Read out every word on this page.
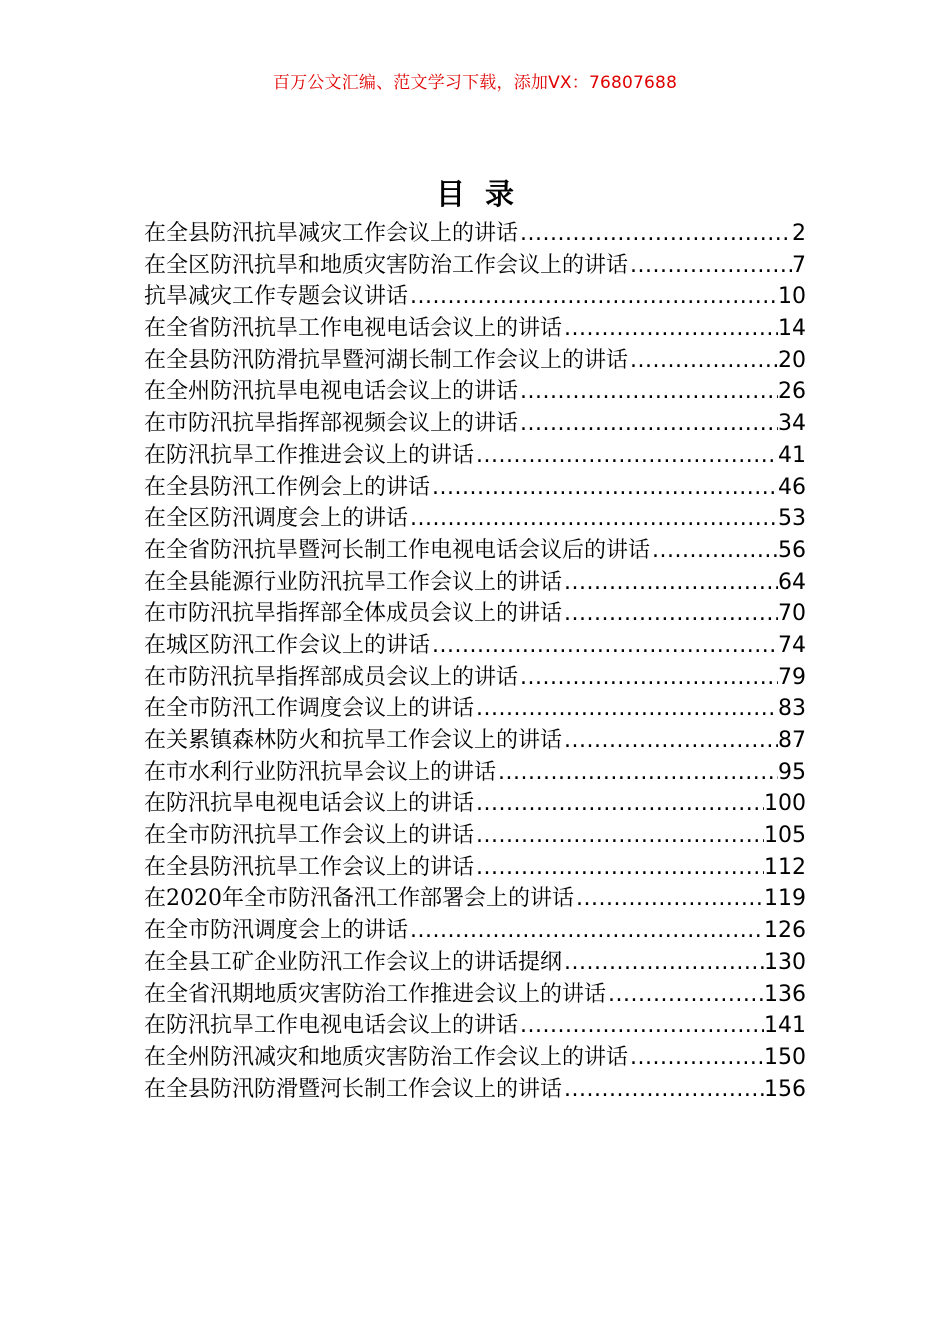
百万公文汇编、范文学习下载，添加VX：76807688
目录
在全县防汛抗旱减灾工作会议上的讲话 .....	2
在全区防汛抗旱和地质灾害防治工作会议上的讲话 .....	7
抗旱减灾工作专题会议讲话 .....	10
在全省防汛抗旱工作电视电话会议上的讲话 .....	14
在全县防汛防滑抗旱暨河湖长制工作会议上的讲话 .....	20
在全州防汛抗旱电视电话会议上的讲话 .....	26
在市防汛抗旱指挥部视频会议上的讲话 .....	34
在防汛抗旱工作推进会议上的讲话 .....	41
在全县防汛工作例会上的讲话 .....	46
在全区防汛调度会上的讲话 .....	53
在全省防汛抗旱暨河长制工作电视电话会议后的讲话 .....	56
在全县能源行业防汛抗旱工作会议上的讲话 .....	64
在市防汛抗旱指挥部全体成员会议上的讲话 .....	70
在城区防汛工作会议上的讲话 .....	74
在市防汛抗旱指挥部成员会议上的讲话 .....	79
在全市防汛工作调度会议上的讲话 .....	83
在关累镇森林防火和抗旱工作会议上的讲话 .....	87
在市水利行业防汛抗旱会议上的讲话 .....	95
在防汛抗旱电视电话会议上的讲话 .....	100
在全市防汛抗旱工作会议上的讲话 .....	105
在全县防汛抗旱工作会议上的讲话 .....	112
在2020年全市防汛备汛工作部署会上的讲话 .....	119
在全市防汛调度会上的讲话 .....	126
在全县工矿企业防汛工作会议上的讲话提纲 .....	130
在全省汛期地质灾害防治工作推进会议上的讲话 .....	136
在防汛抗旱工作电视电话会议上的讲话 .....	141
在全州防汛减灾和地质灾害防治工作会议上的讲话 .....	150
在全县防汛防滑暨河长制工作会议上的讲话 .....	156
